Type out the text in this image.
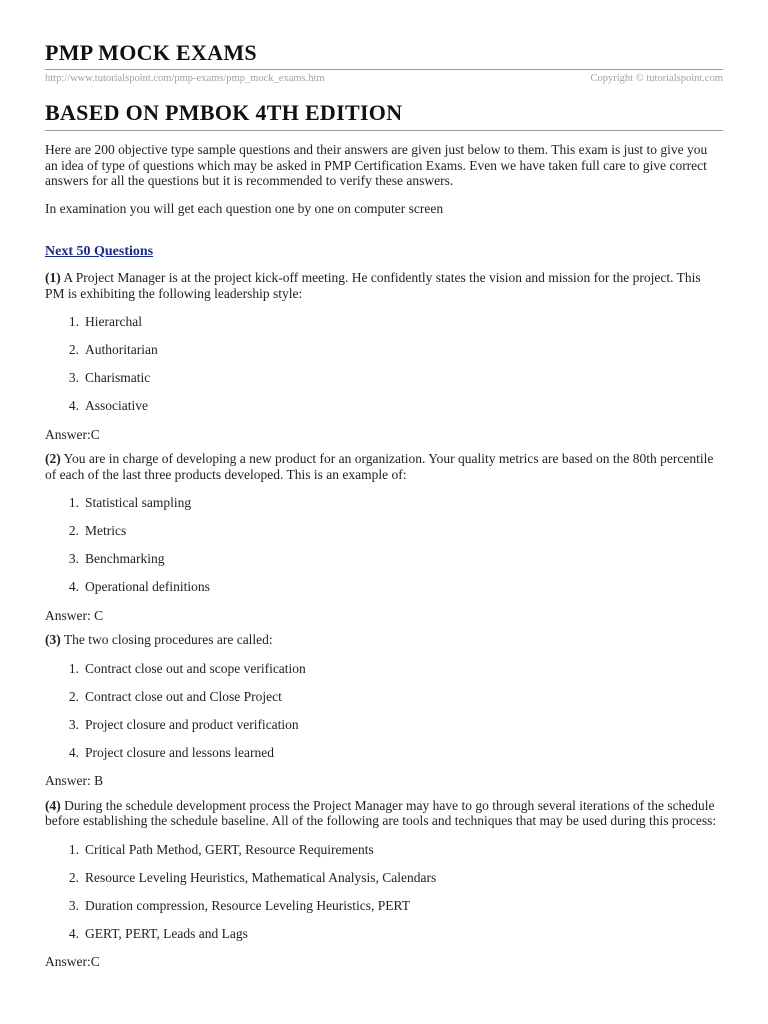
PMP MOCK EXAMS
http://www.tutorialspoint.com/pmp-exams/pmp_mock_exams.htm	Copyright © tutorialspoint.com
BASED ON PMBOK 4TH EDITION

Here are 200 objective type sample questions and their answers are given just below to them. This exam is just to give you an idea of type of questions which may be asked in PMP Certification Exams. Even we have taken full care to give correct answers for all the questions but it is recommended to verify these answers.

In examination you will get each question one by one on computer screen

Next 50 Questions

(1) A Project Manager is at the project kick-off meeting. He confidently states the vision and mission for the project. This PM is exhibiting the following leadership style:

1. Hierarchal
2. Authoritarian
3. Charismatic
4. Associative

Answer:C

(2) You are in charge of developing a new product for an organization. Your quality metrics are based on the 80th percentile of each of the last three products developed. This is an example of:

1. Statistical sampling
2. Metrics
3. Benchmarking
4. Operational definitions

Answer: C

(3) The two closing procedures are called:

1. Contract close out and scope verification
2. Contract close out and Close Project
3. Project closure and product verification
4. Project closure and lessons learned

Answer: B

(4) During the schedule development process the Project Manager may have to go through several iterations of the schedule before establishing the schedule baseline. All of the following are tools and techniques that may be used during this process:

1. Critical Path Method, GERT, Resource Requirements
2. Resource Leveling Heuristics, Mathematical Analysis, Calendars
3. Duration compression, Resource Leveling Heuristics, PERT
4. GERT, PERT, Leads and Lags

Answer:C
